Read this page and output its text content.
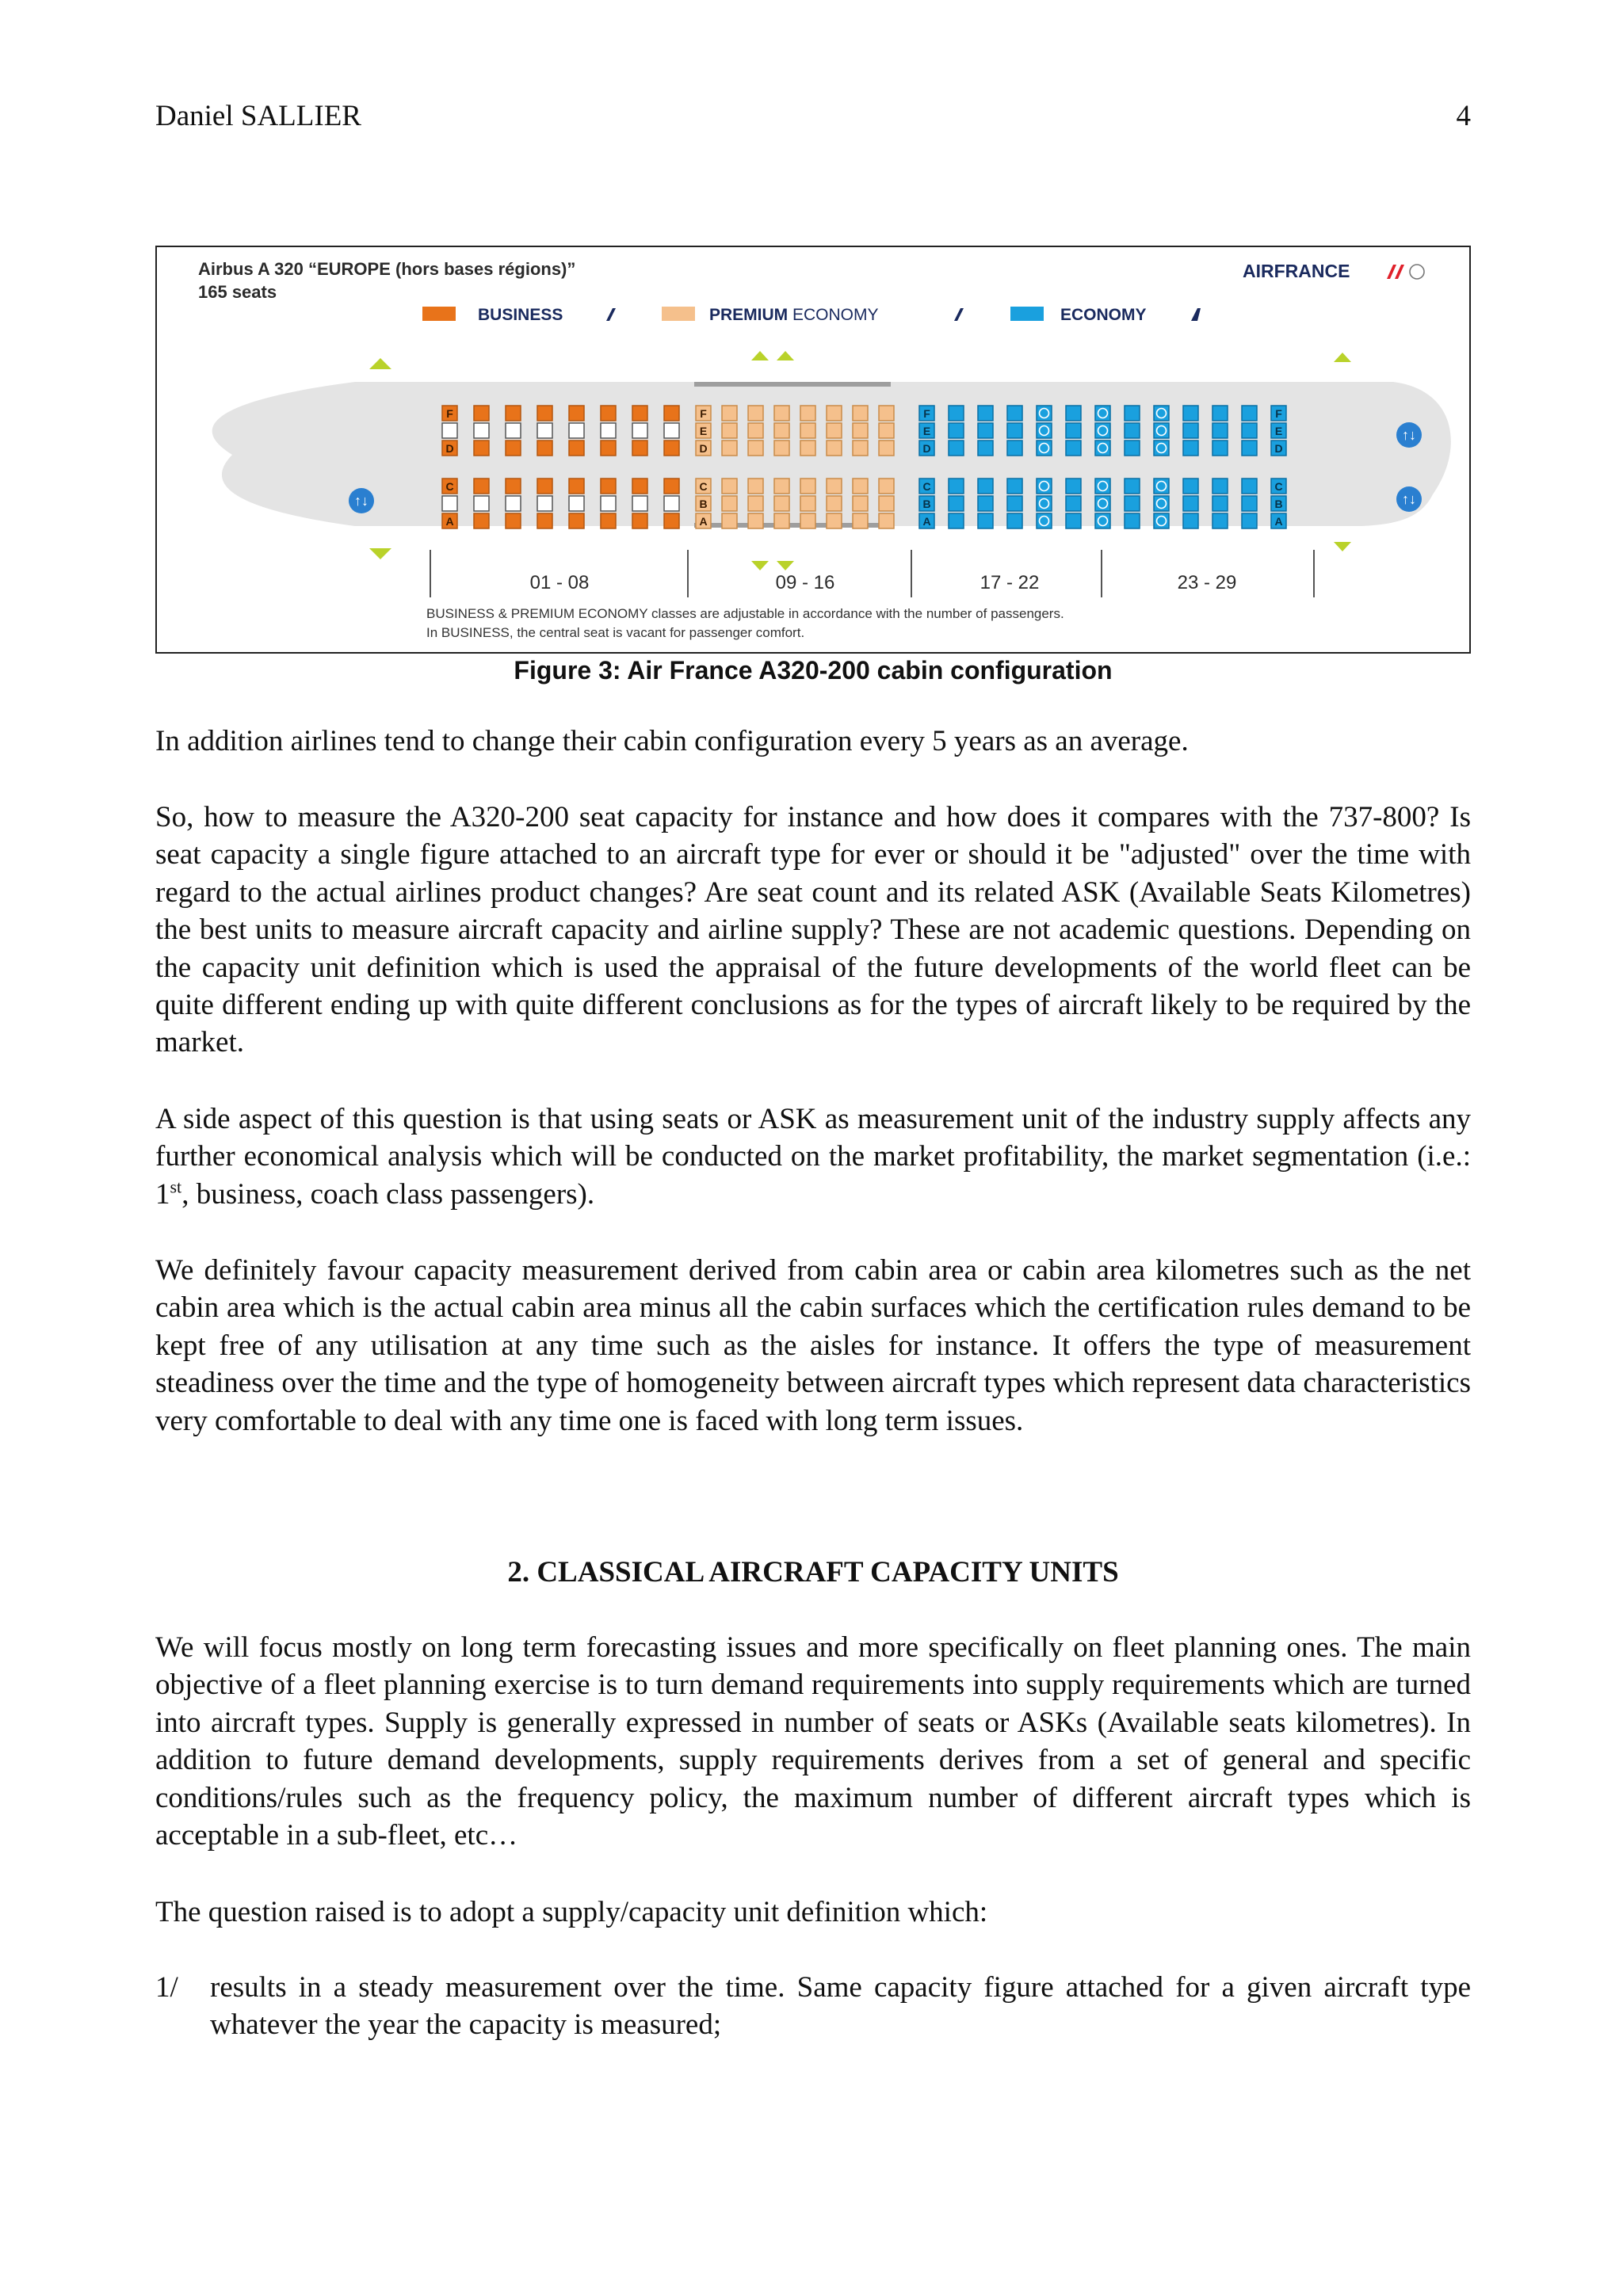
Daniel SALLIER	4
Airbus A 320 “EUROPE (hors bases régions)”
165 seats
AIRFRANCE
BUSINESS	PREMIUM ECONOMY	ECONOMY
↑↓
↑↓
↑↓
F
D
C
A
F
E
D
C
B
A
F
E
D
C
B
A
F
E
D
C
B
A
01 - 08	09 - 16	17 - 22	23 - 29
BUSINESS & PREMIUM ECONOMY classes are adjustable in accordance with the number of passengers.
In BUSINESS, the central seat is vacant for passenger comfort.
Figure 3: Air France A320-200 cabin configuration

In addition airlines tend to change their cabin configuration every 5 years as an average.

So, how to measure the A320-200 seat capacity for instance and how does it compares with the 737-800? Is seat capacity a single figure attached to an aircraft type for ever or should it be "adjusted" over the time with regard to the actual airlines product changes? Are seat count and its related ASK (Available Seats Kilometres) the best units to measure aircraft capacity and airline supply? These are not academic questions. Depending on the capacity unit definition which is used the appraisal of the future developments of the world fleet can be quite different ending up with quite different conclusions as for the types of aircraft likely to be required by the market.

A side aspect of this question is that using seats or ASK as measurement unit of the industry supply affects any further economical analysis which will be conducted on the market profitability, the market segmentation (i.e.: 1st, business, coach class passengers).

We definitely favour capacity measurement derived from cabin area or cabin area kilometres such as the net cabin area which is the actual cabin area minus all the cabin surfaces which the certification rules demand to be kept free of any utilisation at any time such as the aisles for instance. It offers the type of measurement steadiness over the time and the type of homogeneity between aircraft types which represent data characteristics very comfortable to deal with any time one is faced with long term issues.

2. CLASSICAL AIRCRAFT CAPACITY UNITS

We will focus mostly on long term forecasting issues and more specifically on fleet planning ones. The main objective of a fleet planning exercise is to turn demand requirements into supply requirements which are turned into aircraft types. Supply is generally expressed in number of seats or ASKs (Available seats kilometres). In addition to future demand developments, supply requirements derives from a set of general and specific conditions/rules such as the frequency policy, the maximum number of different aircraft types which is acceptable in a sub-fleet, etc…

The question raised is to adopt a supply/capacity unit definition which:

1/ results in a steady measurement over the time. Same capacity figure attached for a given aircraft type whatever the year the capacity is measured;
